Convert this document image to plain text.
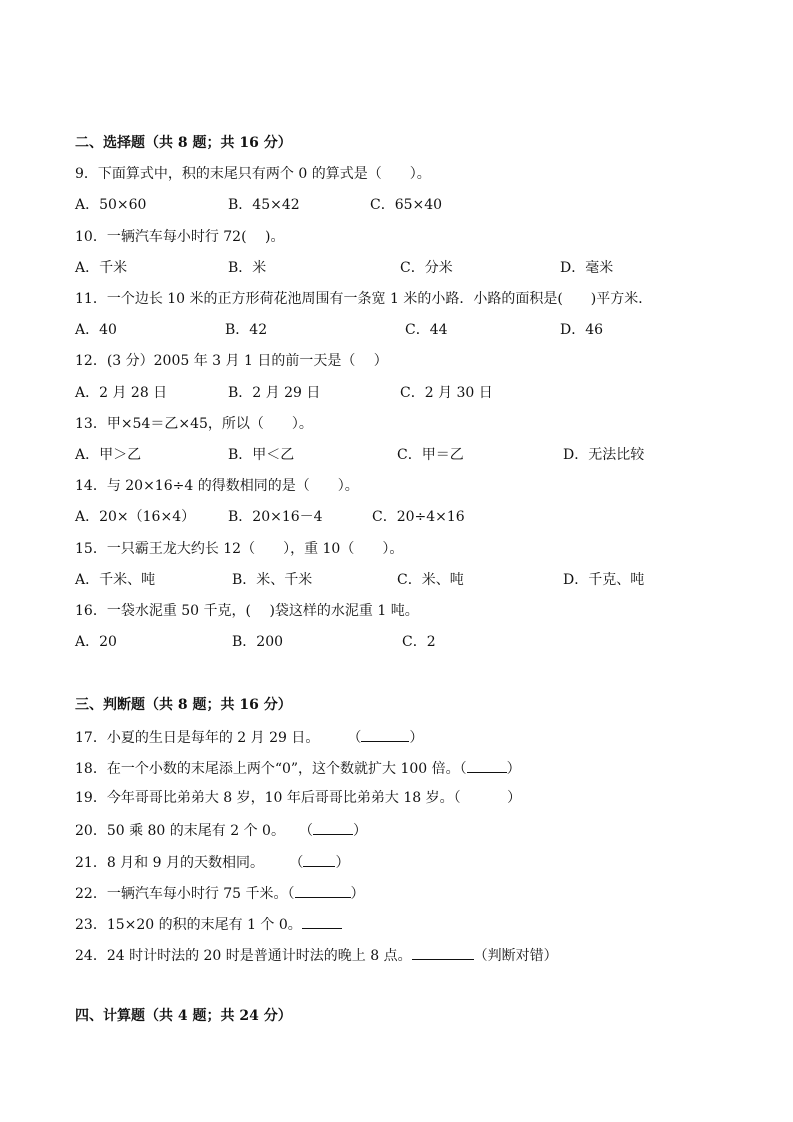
二、选择题（共 8 题；共 16 分）
9．下面算式中，积的末尾只有两个 0 的算式是（　　）。
A．50×60	B．45×42	C．65×40
10．一辆汽车每小时行 72(　 )。
A．千米	B．米	C．分米	D．毫米
11．一个边长 10 米的正方形荷花池周围有一条宽 1 米的小路．小路的面积是(　　)平方米．
A．40	B．42	C．44	D．46
12．(3 分）2005 年 3 月 1 日的前一天是（　 ）
A．2 月 28 日	B．2 月 29 日	C．2 月 30 日
13．甲×54＝乙×45，所以（　　）。
A．甲＞乙	B．甲＜乙	C．甲＝乙	D．无法比较
14．与 20×16÷4 的得数相同的是（　　）。
A．20×（16×4） B．20×16－4	C．20÷4×16
15．一只霸王龙大约长 12（　　），重 10（　　）。
A．千米、吨	B．米、千米	C．米、吨	D．千克、吨
16．一袋水泥重 50 千克，(　 )袋这样的水泥重 1 吨。
A．20	B．200	C．2
三、判断题（共 8 题；共 16 分）
17．小夏的生日是每年的 2 月 29 日。　　　（	）
18．在一个小数的末尾添上两个“0”，这个数就扩大 100 倍。（	）
19．今年哥哥比弟弟大 8 岁，10 年后哥哥比弟弟大 18 岁。（　　　 ）
20．50 乘 80 的末尾有 2 个 0。　　（	）
21．8 月和 9 月的天数相同。　　 （ ）
22．一辆汽车每小时行 75 千米。（	）
23．15×20 的积的末尾有 1 个 0。
24．24 时计时法的 20 时是普通计时法的晚上 8 点。	（判断对错）
四、计算题（共 4 题；共 24 分）
